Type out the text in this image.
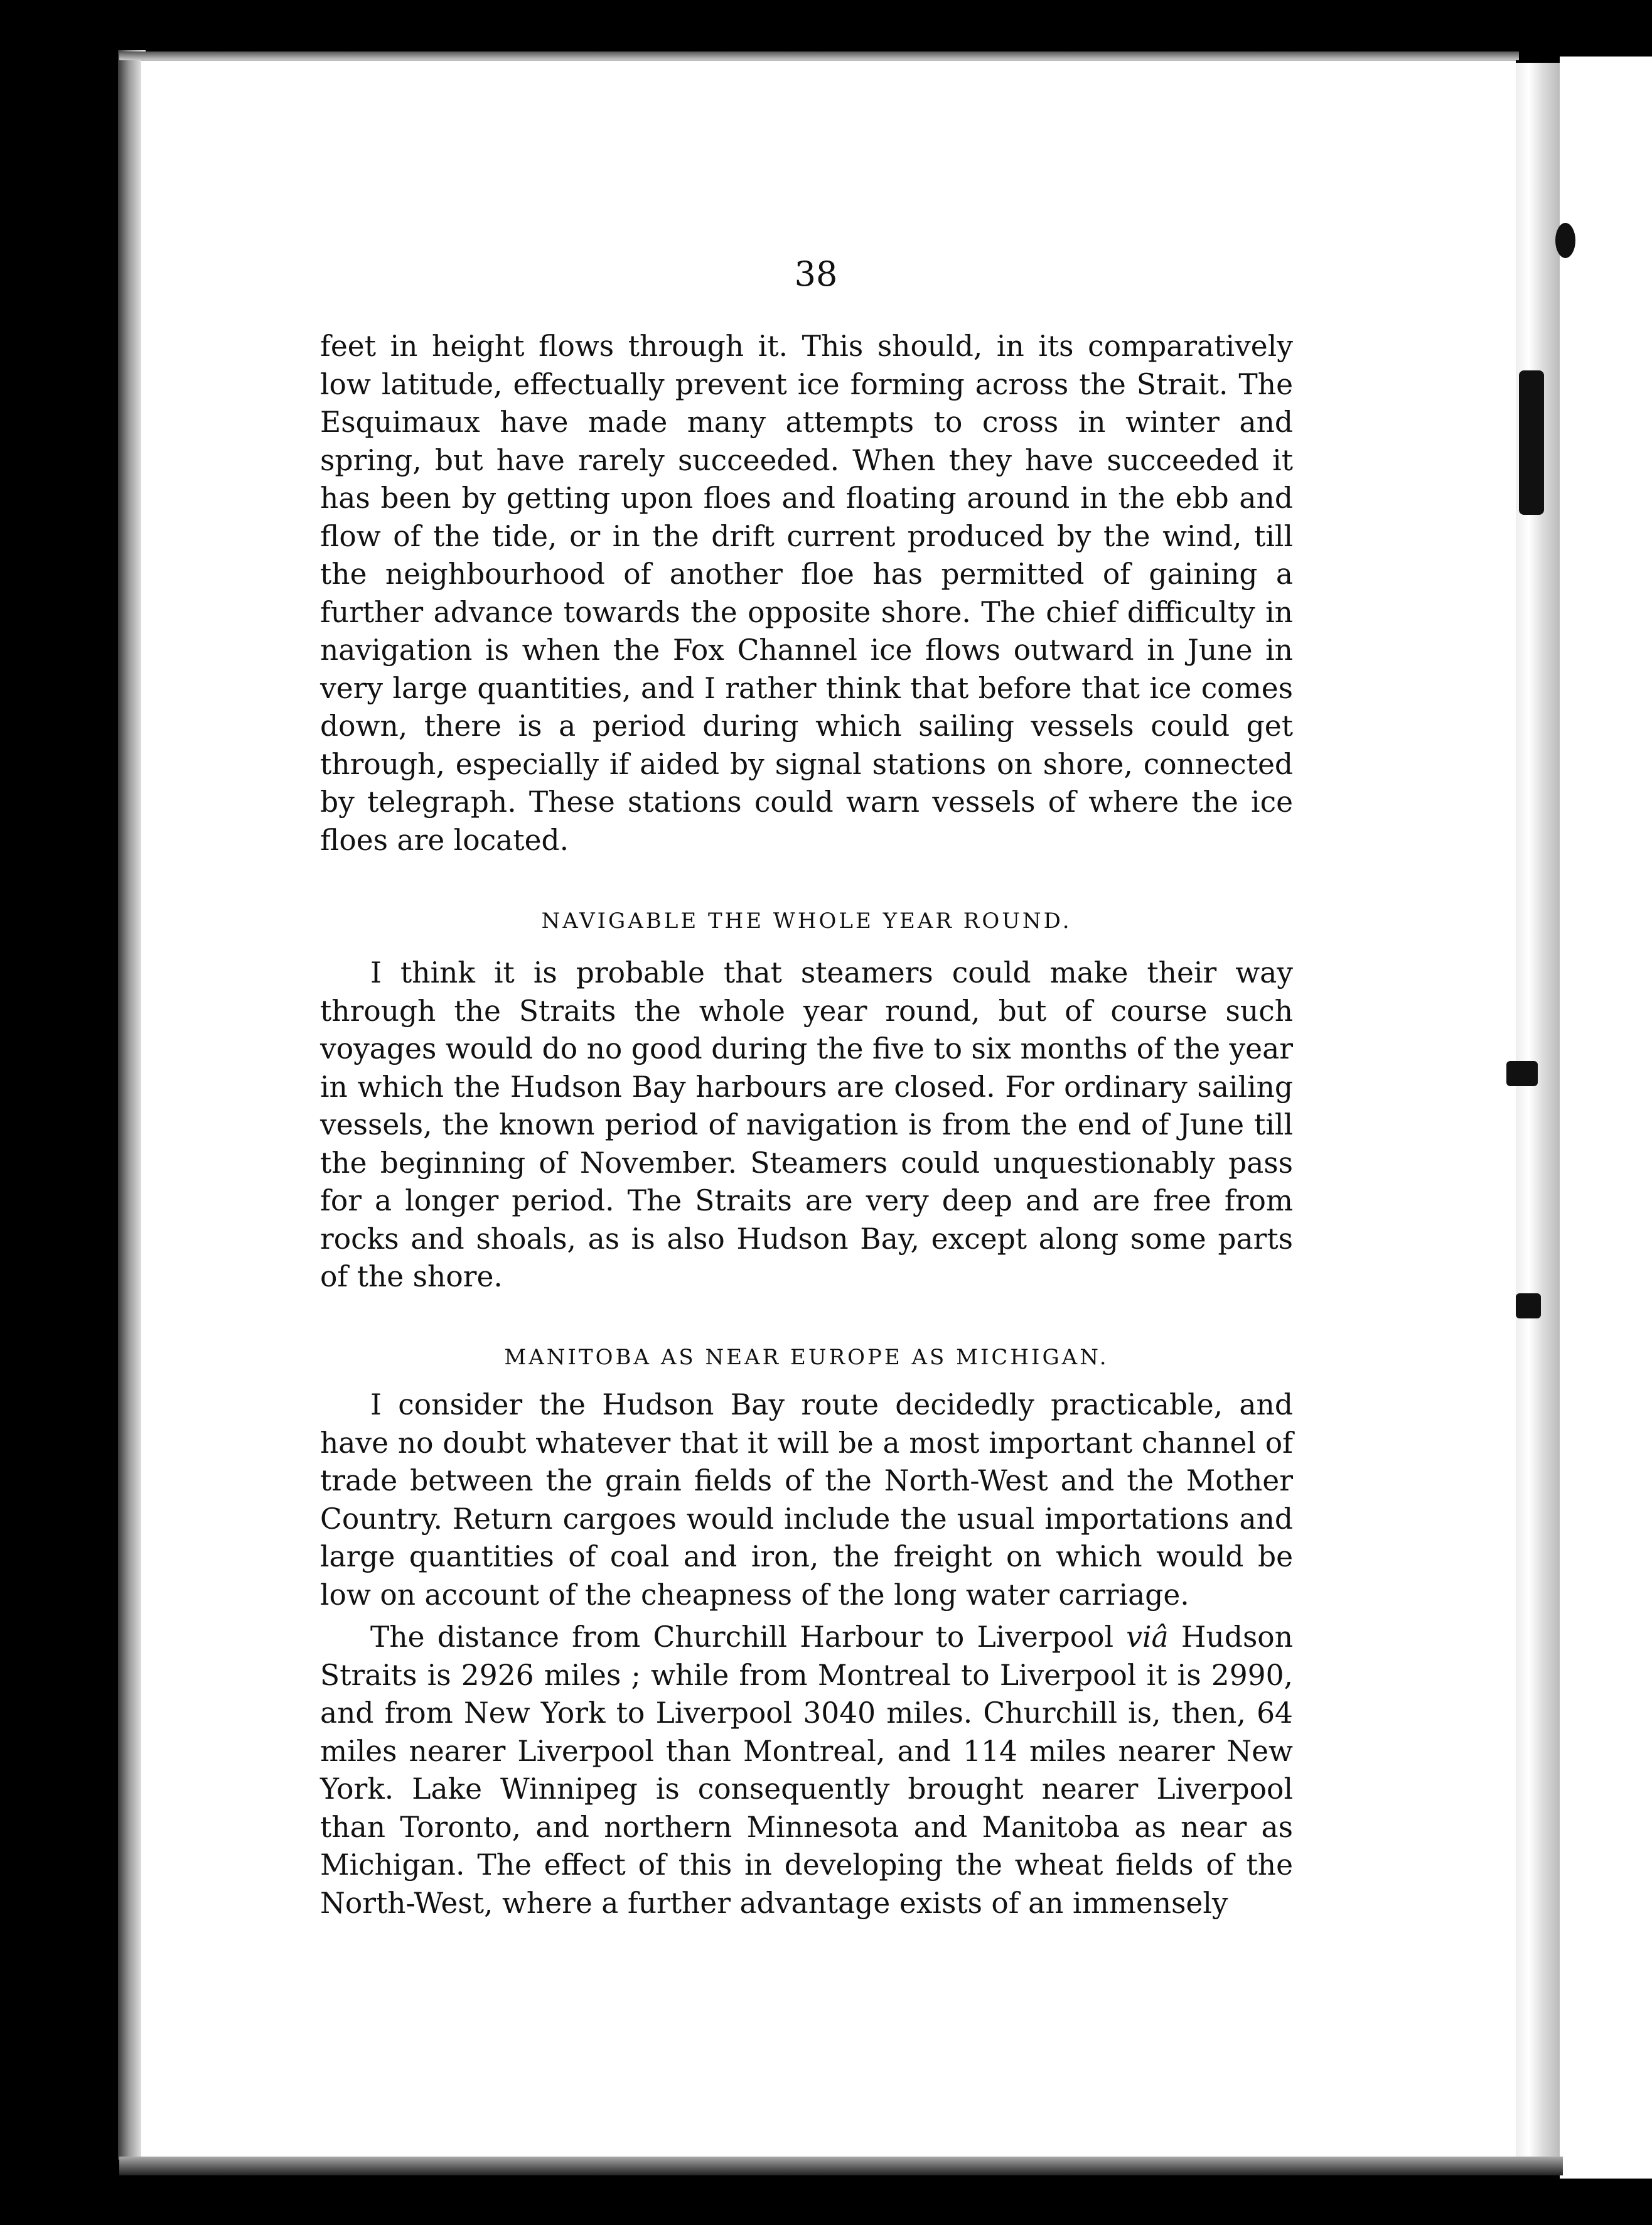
38

feet in height flows through it. This should, in its comparatively low latitude, effectually prevent ice forming across the Strait. The Esquimaux have made many attempts to cross in winter and spring, but have rarely succeeded. When they have succeeded it has been by getting upon floes and floating around in the ebb and flow of the tide, or in the drift current produced by the wind, till the neighbourhood of another floe has permitted of gaining a further advance towards the opposite shore. The chief difficulty in navigation is when the Fox Channel ice flows outward in June in very large quantities, and I rather think that before that ice comes down, there is a period during which sailing vessels could get through, especially if aided by signal stations on shore, connected by telegraph. These stations could warn vessels of where the ice floes are located.

NAVIGABLE THE WHOLE YEAR ROUND.

I think it is probable that steamers could make their way through the Straits the whole year round, but of course such voyages would do no good during the five to six months of the year in which the Hudson Bay harbours are closed. For ordinary sailing vessels, the known period of navigation is from the end of June till the beginning of November. Steamers could unquestionably pass for a longer period. The Straits are very deep and are free from rocks and shoals, as is also Hudson Bay, except along some parts of the shore.

MANITOBA AS NEAR EUROPE AS MICHIGAN.

I consider the Hudson Bay route decidedly practicable, and have no doubt whatever that it will be a most important channel of trade between the grain fields of the North-West and the Mother Country. Return cargoes would include the usual importations and large quantities of coal and iron, the freight on which would be low on account of the cheapness of the long water carriage.

The distance from Churchill Harbour to Liverpool viâ Hudson Straits is 2926 miles ; while from Montreal to Liverpool it is 2990, and from New York to Liverpool 3040 miles. Churchill is, then, 64 miles nearer Liverpool than Montreal, and 114 miles nearer New York. Lake Winnipeg is consequently brought nearer Liverpool than Toronto, and northern Minnesota and Manitoba as near as Michigan. The effect of this in developing the wheat fields of the North-West, where a further advantage exists of an immensely
